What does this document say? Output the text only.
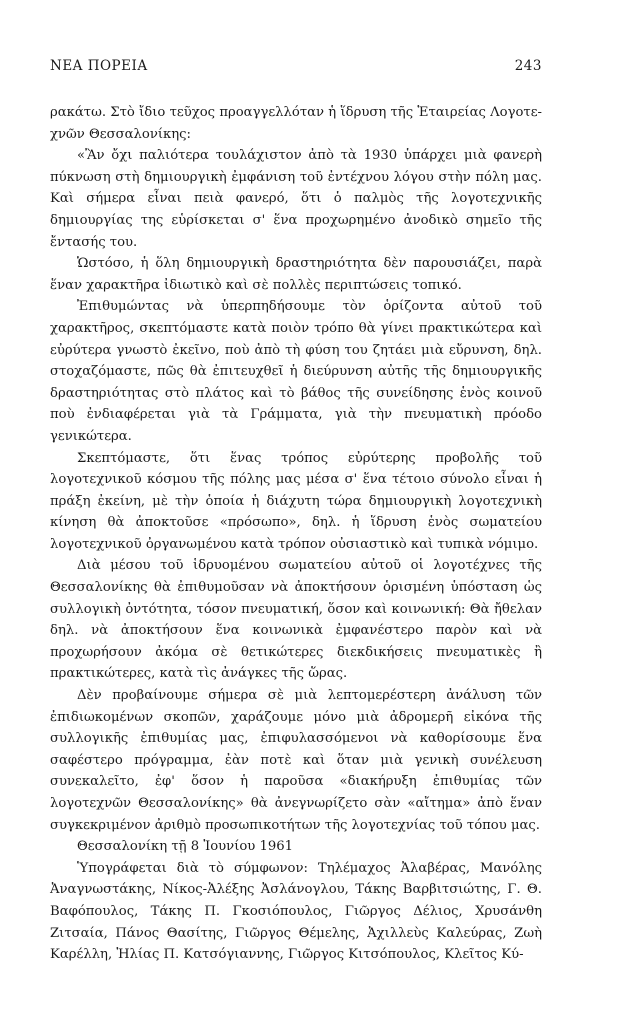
ΝΕΑ ΠΟΡΕΙΑ	243

ρακάτω. Στὸ ἴδιο τεῦχος προαγγελλόταν ἡ ἵδρυση τῆς Ἑταιρείας Λογοτε-χνῶν Θεσσαλονίκης:

«Ἂν ὄχι παλιότερα τουλάχιστον ἀπὸ τὰ 1930 ὑπάρχει μιὰ φανερὴ πύκνωση στὴ δημιουργικὴ ἐμφάνιση τοῦ ἐντέχνου λόγου στὴν πόλη μας. Καὶ σήμερα εἶναι πειὰ φανερό, ὅτι ὁ παλμὸς τῆς λογοτεχνικῆς δημιουργίας της εὑρίσκεται σ' ἕνα προχωρημένο ἀνοδικὸ σημεῖο τῆς ἔντασής του.

Ὡστόσο, ἡ ὅλη δημιουργικὴ δραστηριότητα δὲν παρουσιάζει, παρὰ ἕναν χαρακτῆρα ἰδιωτικὸ καὶ σὲ πολλὲς περιπτώσεις τοπικό.

Ἐπιθυμώντας νὰ ὑπερπηδήσουμε τὸν ὁρίζοντα αὐτοῦ τοῦ χαρακτῆρος, σκεπτόμαστε κατὰ ποιὸν τρόπο θὰ γίνει πρακτικώτερα καὶ εὐρύτερα γνωστὸ ἐκεῖνο, ποὺ ἀπὸ τὴ φύση του ζητάει μιὰ εὔρυνση, δηλ. στοχαζόμαστε, πῶς θὰ ἐπιτευχθεῖ ἡ διεύρυνση αὐτῆς τῆς δημιουργικῆς δραστηριότητας στὸ πλάτος καὶ τὸ βάθος τῆς συνείδησης ἑνὸς κοινοῦ ποὺ ἐνδιαφέρεται γιὰ τὰ Γράμματα, γιὰ τὴν πνευματικὴ πρόοδο γενικώτερα.

Σκεπτόμαστε, ὅτι ἕνας τρόπος εὐρύτερης προβολῆς τοῦ λογοτεχνικοῦ κόσμου τῆς πόλης μας μέσα σ' ἕνα τέτοιο σύνολο εἶναι ἡ πράξη ἐκείνη, μὲ τὴν ὁποία ἡ διάχυτη τώρα δημιουργικὴ λογοτεχνικὴ κίνηση θὰ ἀποκτοῦσε «πρόσωπο», δηλ. ἡ ἵδρυση ἑνὸς σωματείου λογοτεχνικοῦ ὀργανωμένου κατὰ τρόπον οὐσιαστικὸ καὶ τυπικὰ νόμιμο.

Διὰ μέσου τοῦ ἱδρυομένου σωματείου αὐτοῦ οἱ λογοτέχνες τῆς Θεσσαλονίκης θὰ ἐπιθυμοῦσαν νὰ ἀποκτήσουν ὁρισμένη ὑπόσταση ὡς συλλογικὴ ὀντότητα, τόσον πνευματική, ὅσον καὶ κοινωνική: Θὰ ἤθελαν δηλ. νὰ ἀποκτήσουν ἕνα κοινωνικὰ ἐμφανέστερο παρὸν καὶ νὰ προχωρήσουν ἀκόμα σὲ θετικώτερες διεκδικήσεις πνευματικὲς ἢ πρακτικώτερες, κατὰ τὶς ἀνάγκες τῆς ὥρας.

Δὲν προβαίνουμε σήμερα σὲ μιὰ λεπτομερέστερη ἀνάλυση τῶν ἐπιδιωκομένων σκοπῶν, χαράζουμε μόνο μιὰ ἀδρομερῆ εἰκόνα τῆς συλλογικῆς ἐπιθυμίας μας, ἐπιφυλασσόμενοι νὰ καθορίσουμε ἕνα σαφέστερο πρόγραμμα, ἐὰν ποτὲ καὶ ὅταν μιὰ γενικὴ συνέλευση συνεκαλεῖτο, ἐφ' ὅσον ἡ παροῦσα «διακήρυξη ἐπιθυμίας τῶν λογοτεχνῶν Θεσσαλονίκης» θὰ ἀνεγνωρίζετο σὰν «αἴτημα» ἀπὸ ἕναν συγκεκριμένον ἀριθμὸ προσωπικοτήτων τῆς λογοτεχνίας τοῦ τόπου μας.

Θεσσαλονίκη τῇ 8 Ἰουνίου 1961

Ὑπογράφεται διὰ τὸ σύμφωνον: Τηλέμαχος Ἀλαβέρας, Μανόλης Ἀναγνωστάκης, Νίκος-Ἀλέξης Ἀσλάνογλου, Τάκης Βαρβιτσιώτης, Γ. Θ. Βαφόπουλος, Τάκης Π. Γκοσιόπουλος, Γιῶργος Δέλιος, Χρυσάνθη Ζιτσαία, Πάνος Θασίτης, Γιῶργος Θέμελης, Ἀχιλλεὺς Καλεύρας, Ζωὴ Καρέλλη, Ἠλίας Π. Κατσόγιαννης, Γιῶργος Κιτσόπουλος, Κλεῖτος Κύ-
